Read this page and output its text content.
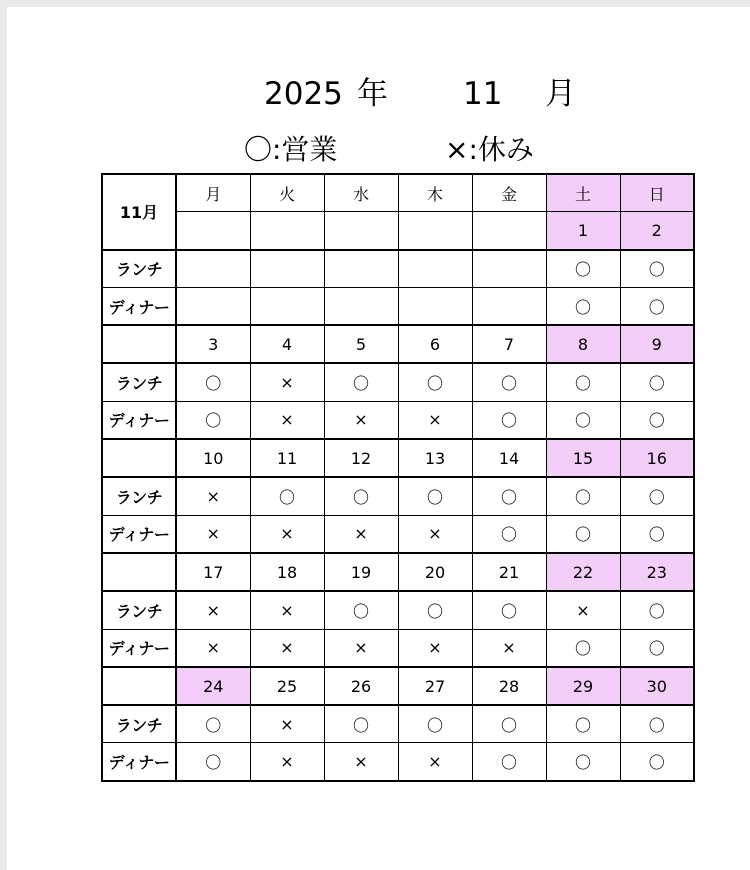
2025 年 11 月
〇:営業	×:休み
11月	月	火	水	木	金	土	日
						1	2
ランチ						〇	〇
ディナー						〇	〇
	3	4	5	6	7	8	9
ランチ	〇	×	〇	〇	〇	〇	〇
ディナー	〇	×	×	×	〇	〇	〇
	10	11	12	13	14	15	16
ランチ	×	〇	〇	〇	〇	〇	〇
ディナー	×	×	×	×	〇	〇	〇
	17	18	19	20	21	22	23
ランチ	×	×	〇	〇	〇	×	〇
ディナー	×	×	×	×	×	〇	〇
	24	25	26	27	28	29	30
ランチ	〇	×	〇	〇	〇	〇	〇
ディナー	〇	×	×	×	〇	〇	〇
